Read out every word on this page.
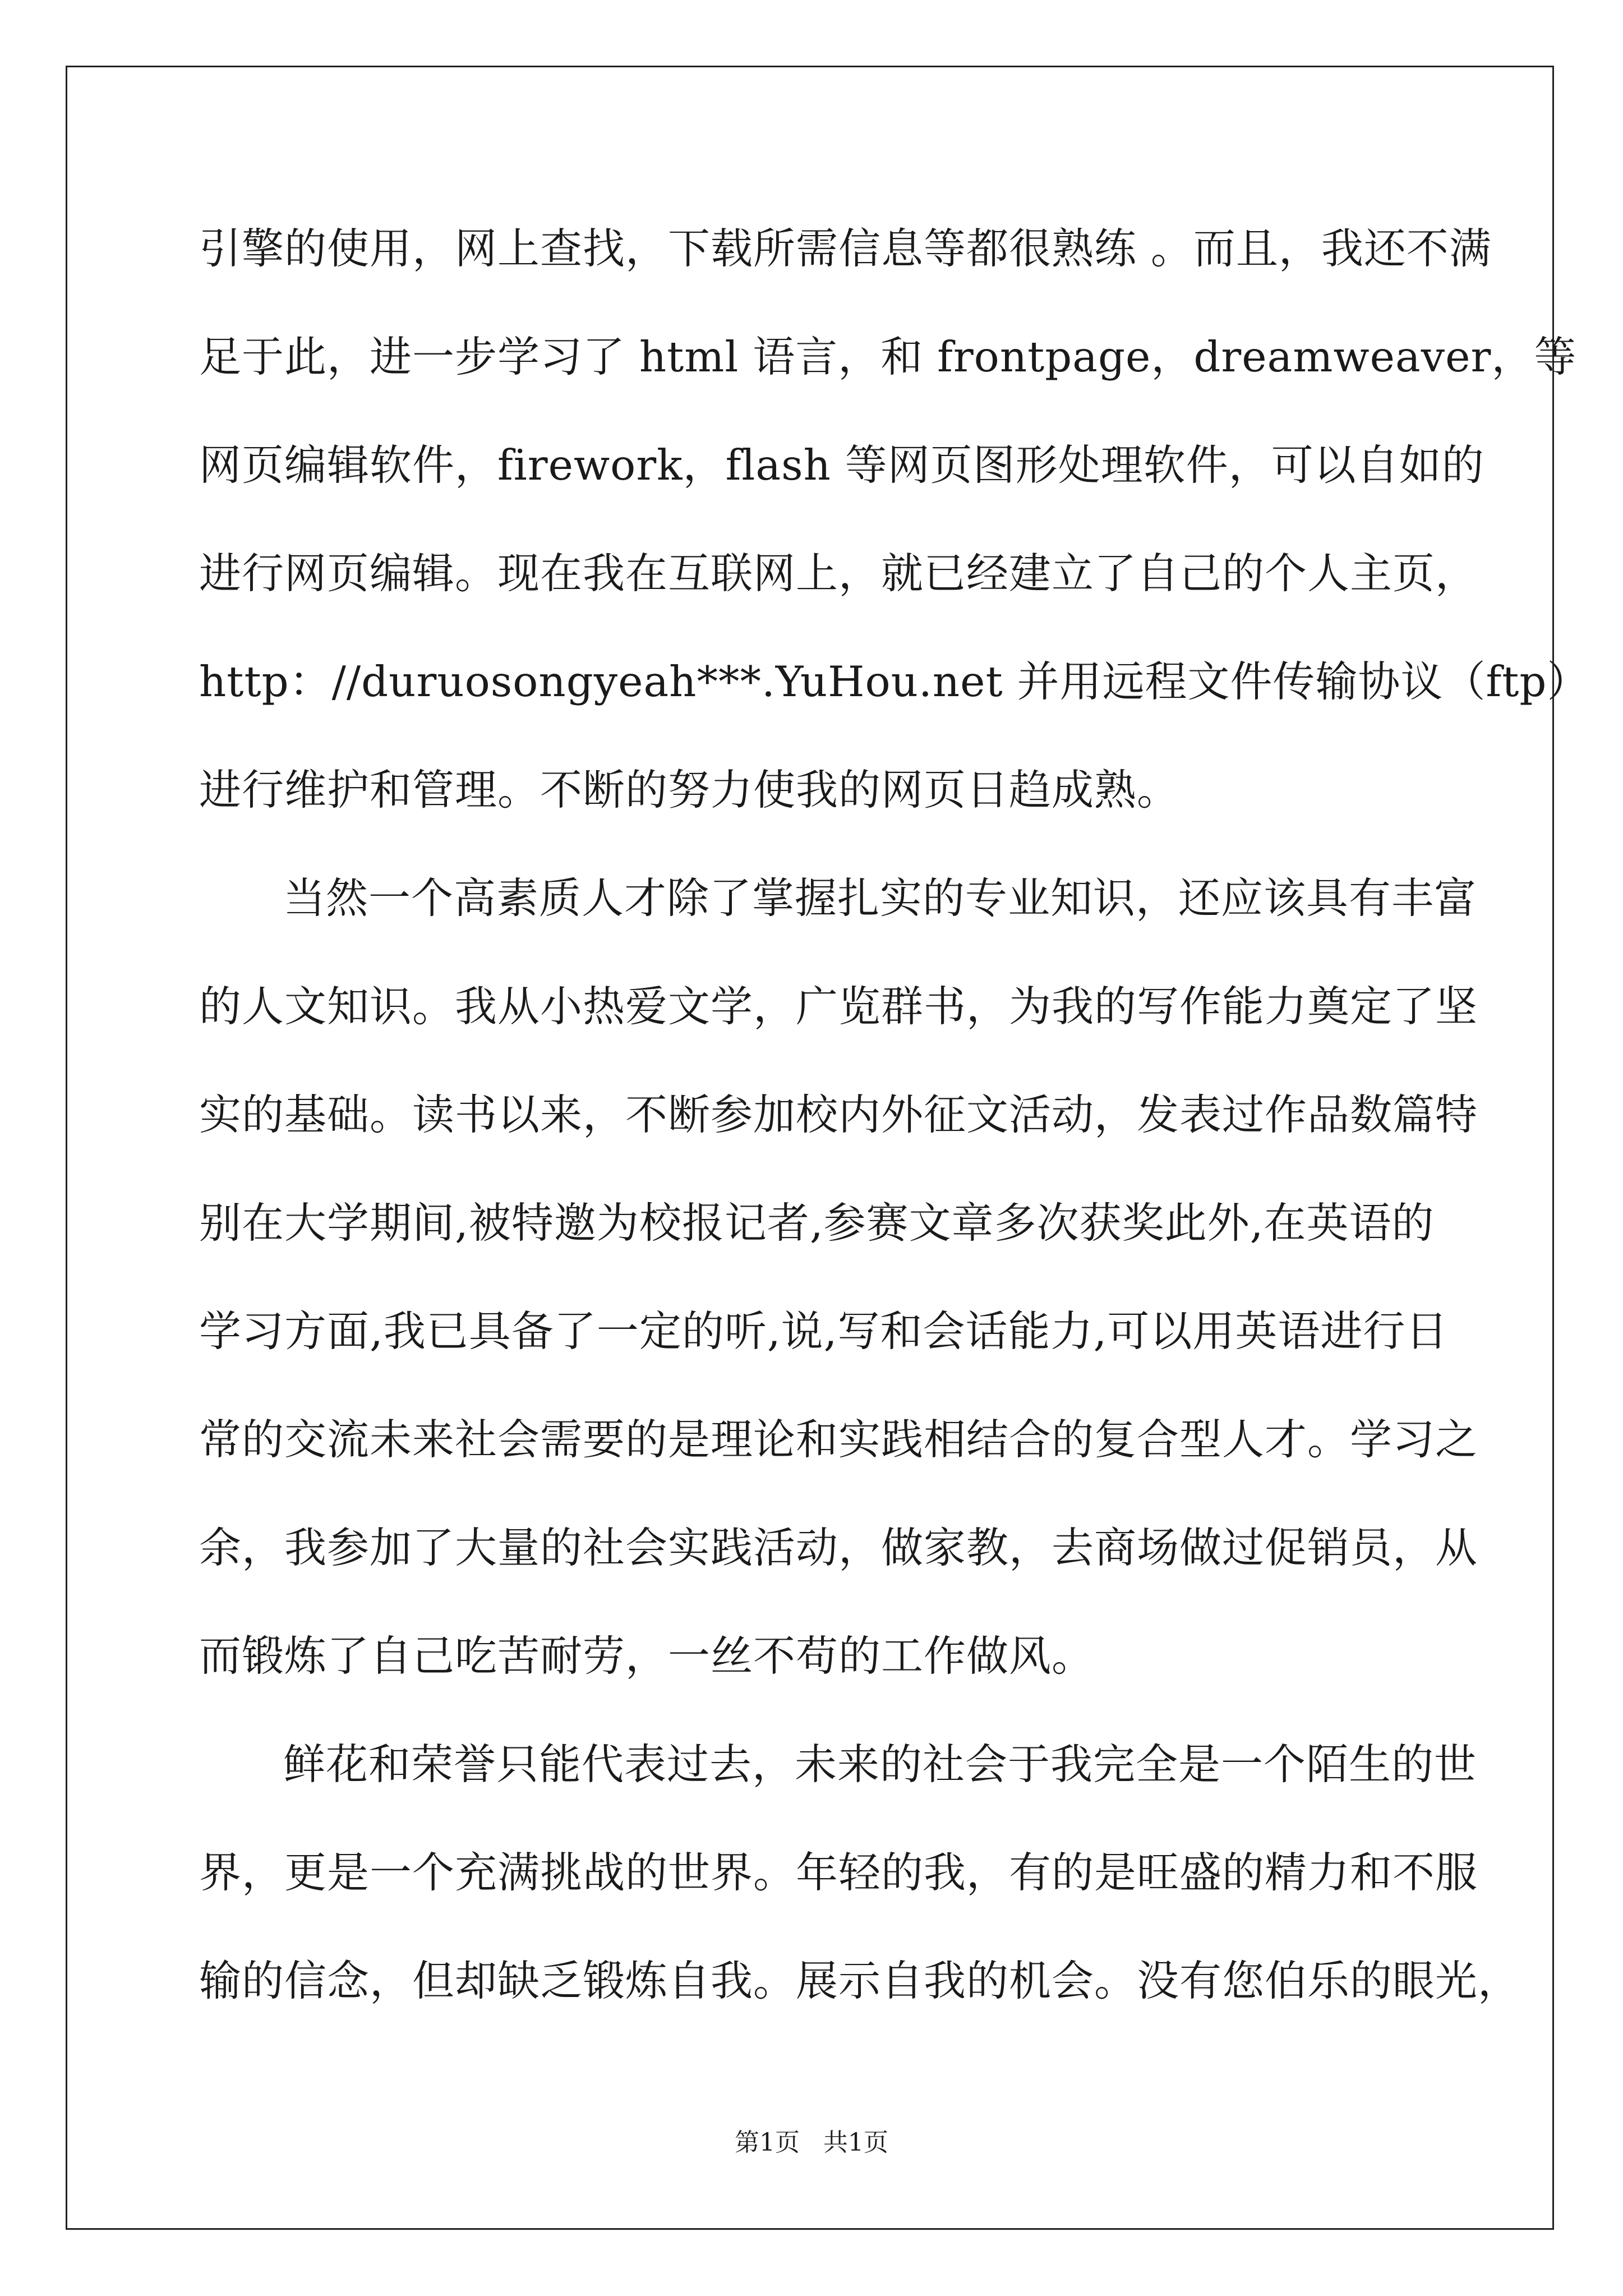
引擎的使用，网上查找，下载所需信息等都很熟练 。而且，我还不满
足于此，进一步学习了 html 语言，和 frontpage，dreamweaver，等
网页编辑软件，firework，flash 等网页图形处理软件，可以自如的
进行网页编辑。现在我在互联网上，就已经建立了自己的个人主页，
http：//duruosongyeah***.YuHou.net 并用远程文件传输协议（ftp）
进行维护和管理。不断的努力使我的网页日趋成熟。
当然一个高素质人才除了掌握扎实的专业知识，还应该具有丰富
的人文知识。我从小热爱文学，广览群书，为我的写作能力奠定了坚
实的基础。读书以来，不断参加校内外征文活动，发表过作品数篇特
别在大学期间,被特邀为校报记者,参赛文章多次获奖此外,在英语的
学习方面,我已具备了一定的听,说,写和会话能力,可以用英语进行日
常的交流未来社会需要的是理论和实践相结合的复合型人才。学习之
余，我参加了大量的社会实践活动，做家教，去商场做过促销员，从
而锻炼了自己吃苦耐劳，一丝不苟的工作做风。
鲜花和荣誉只能代表过去，未来的社会于我完全是一个陌生的世
界，更是一个充满挑战的世界。年轻的我，有的是旺盛的精力和不服
输的信念，但却缺乏锻炼自我。展示自我的机会。没有您伯乐的眼光，
第1页   共1页
